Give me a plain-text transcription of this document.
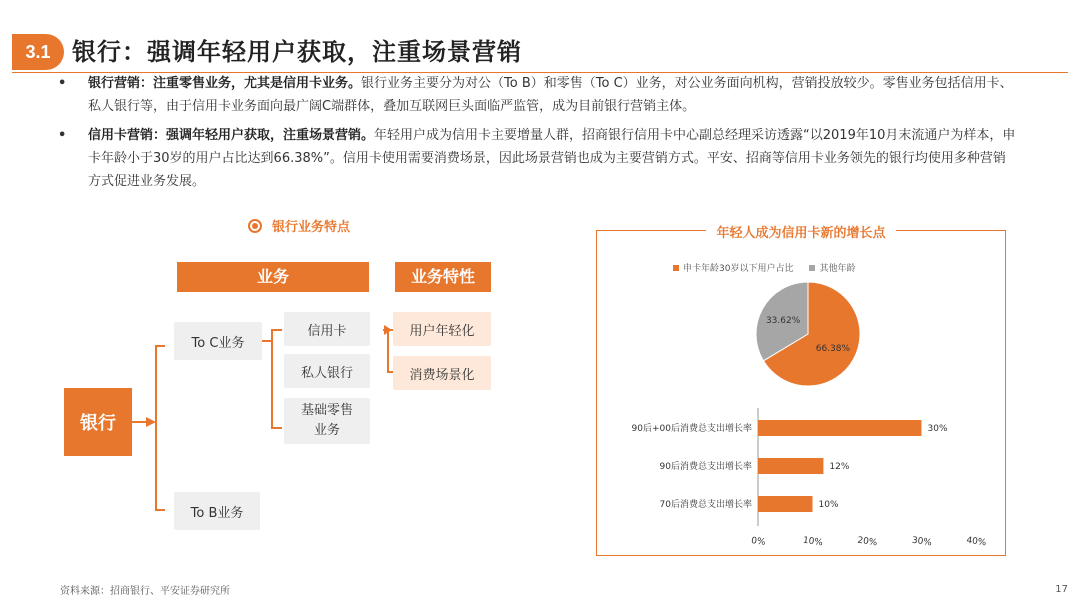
3.1 银行：强调年轻用户获取，注重场景营销
• 银行营销：注重零售业务，尤其是信用卡业务。银行业务主要分为对公（To B）和零售（To C）业务，对公业务面向机构，营销投放较少。零售业务包括信用卡、私人银行等，由于信用卡业务面向最广阔C端群体，叠加互联网巨头面临严监管，成为目前银行营销主体。
• 信用卡营销：强调年轻用户获取，注重场景营销。年轻用户成为信用卡主要增量人群，招商银行信用卡中心副总经理采访透露“以2019年10月末流通户为样本，申卡年龄小于30岁的用户占比达到66.38%”。信用卡使用需要消费场景，因此场景营销也成为主要营销方式。平安、招商等信用卡业务领先的银行均使用多种营销方式促进业务发展。
银行业务特点
业务	业务特性
银行
To C业务
To B业务
信用卡
私人银行
基础零售业务
用户年轻化
消费场景化
年轻人成为信用卡新的增长点
申卡年龄30岁以下用户占比	其他年龄
66.38%
33.62%
90后+00后消费总支出增长率	30%
90后消费总支出增长率	12%
70后消费总支出增长率	10%
0%	10%	20%	30%	40%
资料来源：招商银行、平安证券研究所	17
